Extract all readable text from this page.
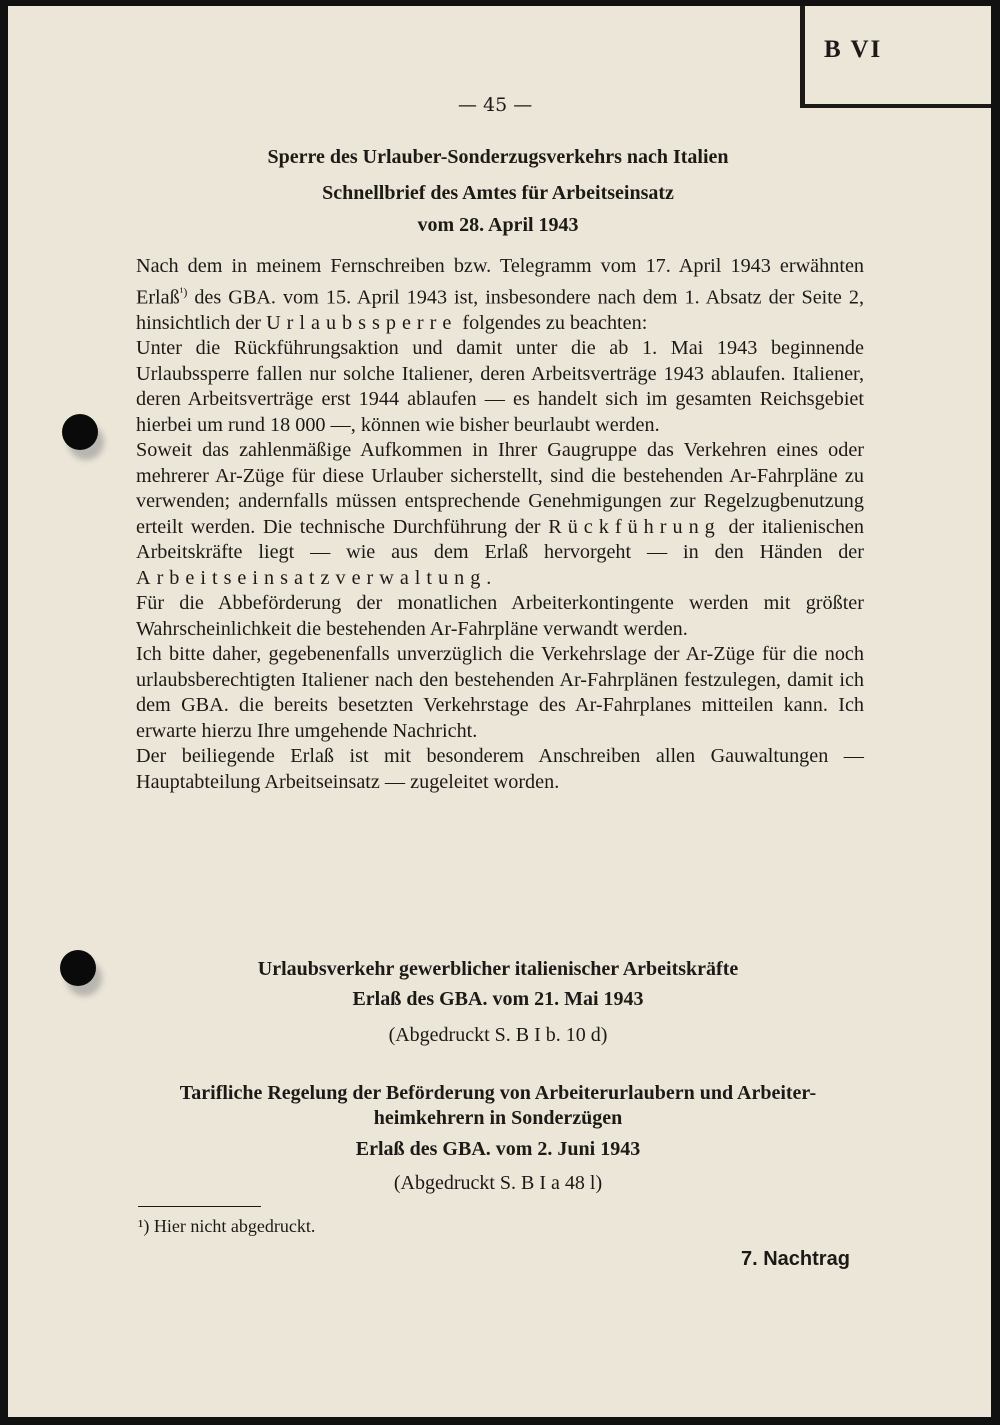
B VI
— 45 —
Sperre des Urlauber-Sonderzugsverkehrs nach Italien
Schnellbrief des Amtes für Arbeitseinsatz
vom 28. April 1943

Nach dem in meinem Fernschreiben bzw. Telegramm vom 17. April 1943 erwähnten Erlaß$^{^1)}$ des GBA. vom 15. April 1943 ist, insbesondere nach dem 1. Absatz der Seite 2, hinsichtlich der Urlaubssperre folgendes zu beachten:

Unter die Rückführungsaktion und damit unter die ab 1. Mai 1943 beginnende Urlaubssperre fallen nur solche Italiener, deren Arbeitsverträge 1943 ablaufen. Italiener, deren Arbeitsverträge erst 1944 ablaufen — es handelt sich im gesamten Reichsgebiet hierbei um rund 18 000 —, können wie bisher beurlaubt werden.

Soweit das zahlenmäßige Aufkommen in Ihrer Gaugruppe das Verkehren eines oder mehrerer Ar-Züge für diese Urlauber sicherstellt, sind die bestehenden Ar-Fahrpläne zu verwenden; andernfalls müssen entsprechende Genehmigungen zur Regelzugbenutzung erteilt werden. Die technische Durchführung der Rückführung der italienischen Arbeitskräfte liegt — wie aus dem Erlaß hervorgeht — in den Händen der Arbeitseinsatzverwaltung.

Für die Abbeförderung der monatlichen Arbeiterkontingente werden mit größter Wahrscheinlichkeit die bestehenden Ar-Fahrpläne verwandt werden.

Ich bitte daher, gegebenenfalls unverzüglich die Verkehrslage der Ar-Züge für die noch urlaubsberechtigten Italiener nach den bestehenden Ar-Fahrplänen festzulegen, damit ich dem GBA. die bereits besetzten Verkehrstage des Ar-Fahrplanes mitteilen kann. Ich erwarte hierzu Ihre umgehende Nachricht.

Der beiliegende Erlaß ist mit besonderem Anschreiben allen Gauwaltungen — Hauptabteilung Arbeitseinsatz — zugeleitet worden.

Urlaubsverkehr gewerblicher italienischer Arbeitskräfte
Erlaß des GBA. vom 21. Mai 1943
(Abgedruckt S. B I b. 10 d)
Tarifliche Regelung der Beförderung von Arbeiterurlaubern und Arbeiter-
heimkehrern in Sonderzügen
Erlaß des GBA. vom 2. Juni 1943
(Abgedruckt S. B I a 48 l)
¹) Hier nicht abgedruckt.
7. Nachtrag
